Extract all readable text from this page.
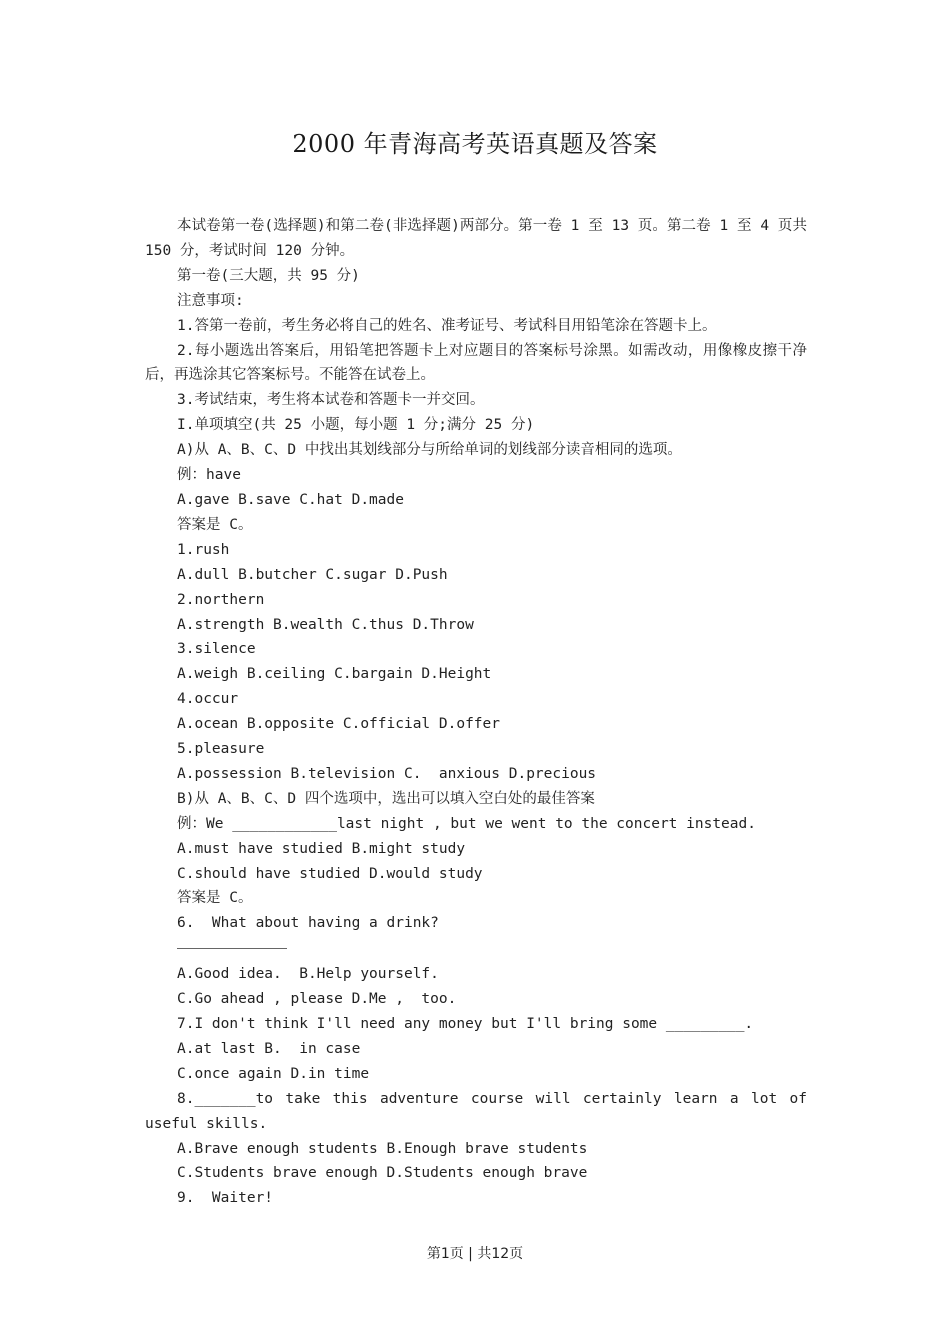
2000 年青海高考英语真题及答案
本试卷第一卷(选择题)和第二卷(非选择题)两部分。第一卷 1 至 13 页。第二卷 1 至 4 页共 150 分，考试时间 120 分钟。
第一卷(三大题，共 95 分)
注意事项:
1.答第一卷前，考生务必将自己的姓名、准考证号、考试科目用铅笔涂在答题卡上。
2.每小题选出答案后，用铅笔把答题卡上对应题目的答案标号涂黑。如需改动，用像橡皮擦干净后，再选涂其它答案标号。不能答在试卷上。
3.考试结束，考生将本试卷和答题卡一并交回。
I.单项填空(共 25 小题，每小题 1 分;满分 25 分)
A)从 A、B、C、D 中找出其划线部分与所给单词的划线部分读音相同的选项。
例：have
A.gave B.save C.hat D.made
答案是 C。
1.rush
A.dull B.butcher C.sugar D.Push
2.northern
A.strength B.wealth C.thus D.Throw
3.silence
A.weigh B.ceiling C.bargain D.Height
4.occur
A.ocean B.opposite C.official D.offer
5.pleasure
A.possession B.television C.  anxious D.precious
B)从 A、B、C、D 四个选项中，选出可以填入空白处的最佳答案
例：We ____________last night , but we went to the concert instead.
A.must have studied B.might study
C.should have studied D.would study
答案是 C。
6.  What about having a drink?
A.Good idea.  B.Help yourself.
C.Go ahead , please D.Me ,  too.
7.I don't think I'll need any money but I'll bring some _________.
A.at last B.  in case
C.once again D.in time
8._______to take this adventure course will certainly learn a lot of useful skills.
A.Brave enough students B.Enough brave students
C.Students brave enough D.Students enough brave
9.  Waiter!
第1页 | 共12页
